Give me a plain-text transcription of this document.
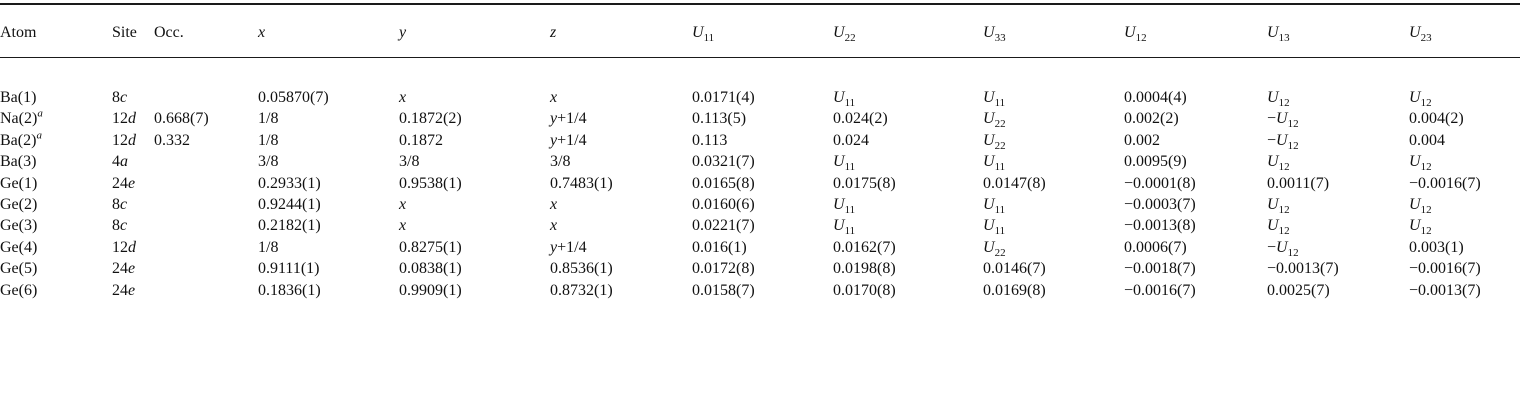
Atom	Site	Occ.	x	y	z	$U_{11}$	$U_{22}$	$U_{33}$	$U_{12}$	$U_{13}$	$U_{23}$

Ba(1)	8c		0.05870(7)	x	x	0.0171(4)	$U_{11}$	$U_{11}$	0.0004(4)	$U_{12}$	$U_{12}$
$Na(2)^a$	12d	0.668(7)	1/8	0.1872(2)	y+1/4	0.113(5)	0.024(2)	$U_{22}$	0.002(2)	$-U_{12}$	0.004(2)
$Ba(2)^a$	12d	0.332	1/8	0.1872	y+1/4	0.113	0.024	$U_{22}$	0.002	$-U_{12}$	0.004
Ba(3)	4a		3/8	3/8	3/8	0.0321(7)	$U_{11}$	$U_{11}$	0.0095(9)	$U_{12}$	$U_{12}$
Ge(1)	24e		0.2933(1)	0.9538(1)	0.7483(1)	0.0165(8)	0.0175(8)	0.0147(8)	−0.0001(8)	0.0011(7)	−0.0016(7)
Ge(2)	8c		0.9244(1)	x	x	0.0160(6)	$U_{11}$	$U_{11}$	−0.0003(7)	$U_{12}$	$U_{12}$
Ge(3)	8c		0.2182(1)	x	x	0.0221(7)	$U_{11}$	$U_{11}$	−0.0013(8)	$U_{12}$	$U_{12}$
Ge(4)	12d		1/8	0.8275(1)	y+1/4	0.016(1)	0.0162(7)	$U_{22}$	0.0006(7)	$-U_{12}$	0.003(1)
Ge(5)	24e		0.9111(1)	0.0838(1)	0.8536(1)	0.0172(8)	0.0198(8)	0.0146(7)	−0.0018(7)	−0.0013(7)	−0.0016(7)
Ge(6)	24e		0.1836(1)	0.9909(1)	0.8732(1)	0.0158(7)	0.0170(8)	0.0169(8)	−0.0016(7)	0.0025(7)	−0.0013(7)
